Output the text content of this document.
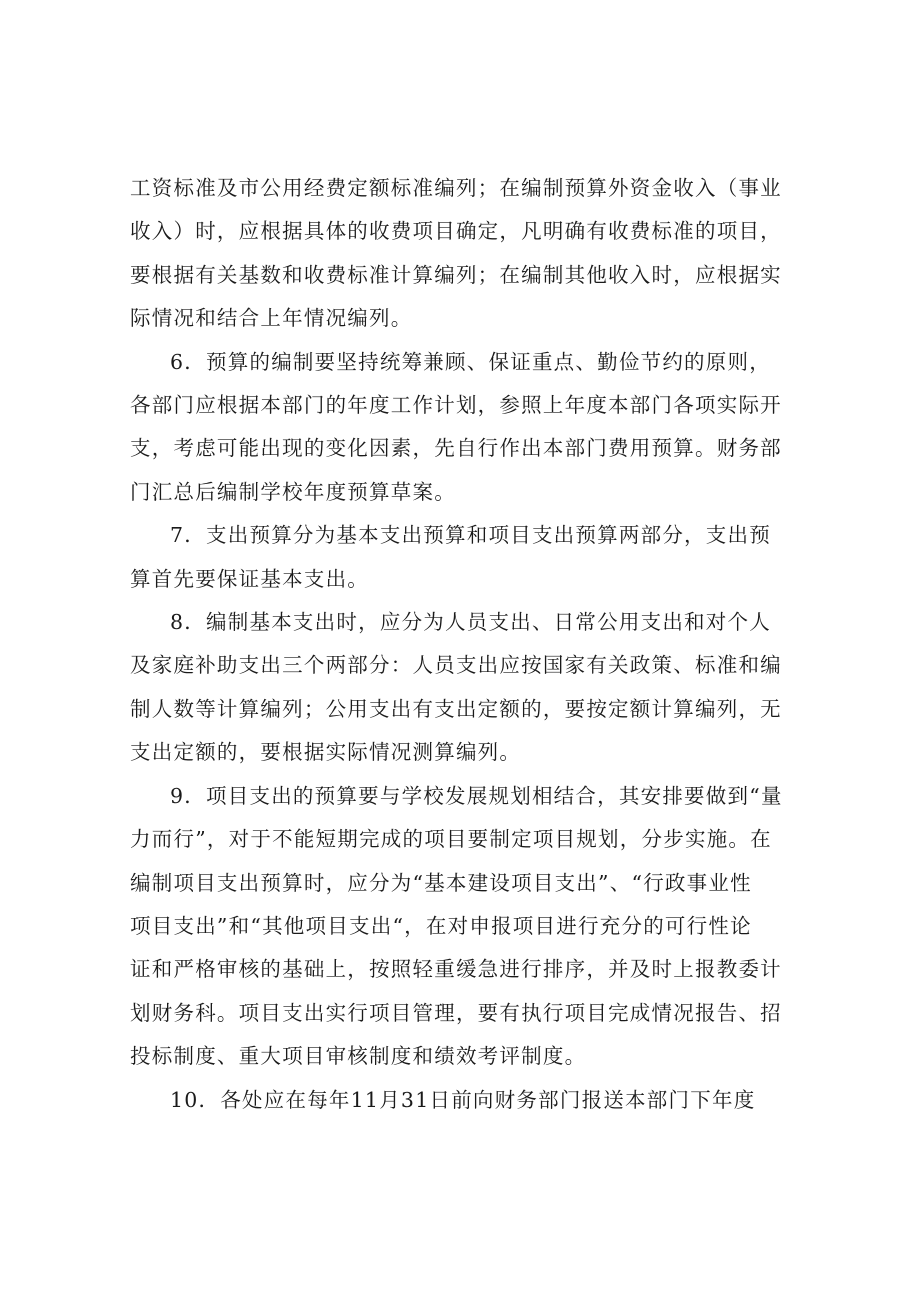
工资标准及市公用经费定额标准编列；在编制预算外资金收入（事业
收入）时，应根据具体的收费项目确定，凡明确有收费标准的项目，
要根据有关基数和收费标准计算编列；在编制其他收入时，应根据实
际情况和结合上年情况编列。

6．预算的编制要坚持统筹兼顾、保证重点、勤俭节约的原则，
各部门应根据本部门的年度工作计划，参照上年度本部门各项实际开
支，考虑可能出现的变化因素，先自行作出本部门费用预算。财务部
门汇总后编制学校年度预算草案。

7．支出预算分为基本支出预算和项目支出预算两部分，支出预
算首先要保证基本支出。

8．编制基本支出时，应分为人员支出、日常公用支出和对个人
及家庭补助支出三个两部分：人员支出应按国家有关政策、标准和编
制人数等计算编列；公用支出有支出定额的，要按定额计算编列，无
支出定额的，要根据实际情况测算编列。

9．项目支出的预算要与学校发展规划相结合，其安排要做到“量
力而行”，对于不能短期完成的项目要制定项目规划，分步实施。在
编制项目支出预算时，应分为“基本建设项目支出”、“行政事业性
项目支出”和“其他项目支出“，在对申报项目进行充分的可行性论
证和严格审核的基础上，按照轻重缓急进行排序，并及时上报教委计
划财务科。项目支出实行项目管理，要有执行项目完成情况报告、招
投标制度、重大项目审核制度和绩效考评制度。

10．各处应在每年11月31日前向财务部门报送本部门下年度
